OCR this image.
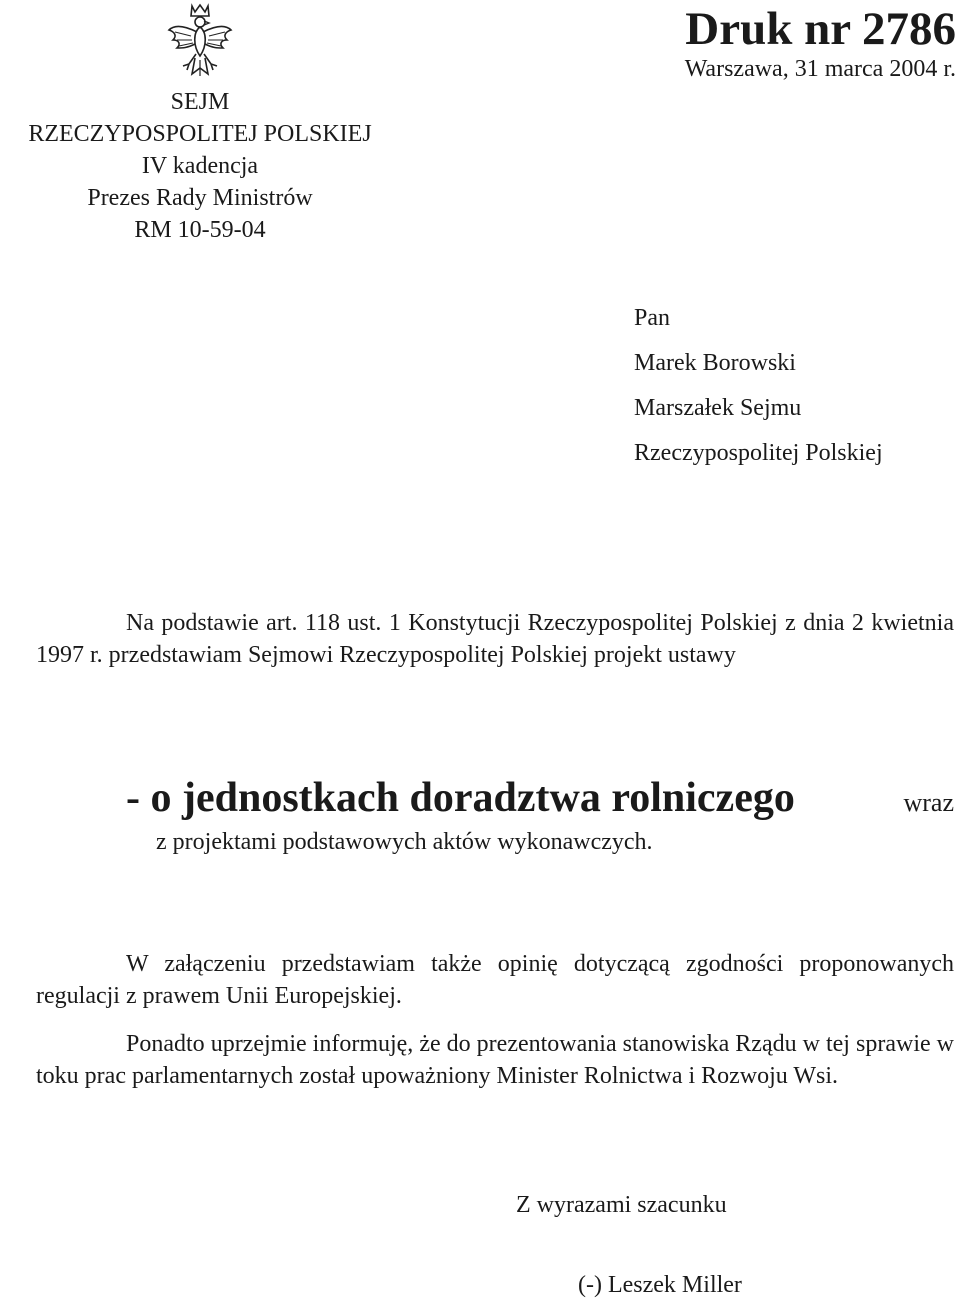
SEJM
RZECZYPOSPOLITEJ POLSKIEJ
IV kadencja
Prezes Rady Ministrów
RM 10-59-04
Druk nr 2786
Warszawa, 31 marca 2004 r.
Pan
Marek Borowski
Marszałek Sejmu
Rzeczypospolitej Polskiej
Na podstawie art. 118 ust. 1 Konstytucji Rzeczypospolitej Polskiej z dnia 2 kwietnia 1997 r. przedstawiam Sejmowi Rzeczypospolitej Polskiej projekt ustawy
- o jednostkach doradztwa rolniczego	wraz
z projektami podstawowych aktów wykonawczych.
W załączeniu przedstawiam także opinię dotyczącą zgodności proponowanych regulacji z prawem Unii Europejskiej.
Ponadto uprzejmie informuję, że do prezentowania stanowiska Rządu w tej sprawie w toku prac parlamentarnych został upoważniony Minister Rolnictwa i Rozwoju Wsi.
Z wyrazami szacunku
(-) Leszek Miller
